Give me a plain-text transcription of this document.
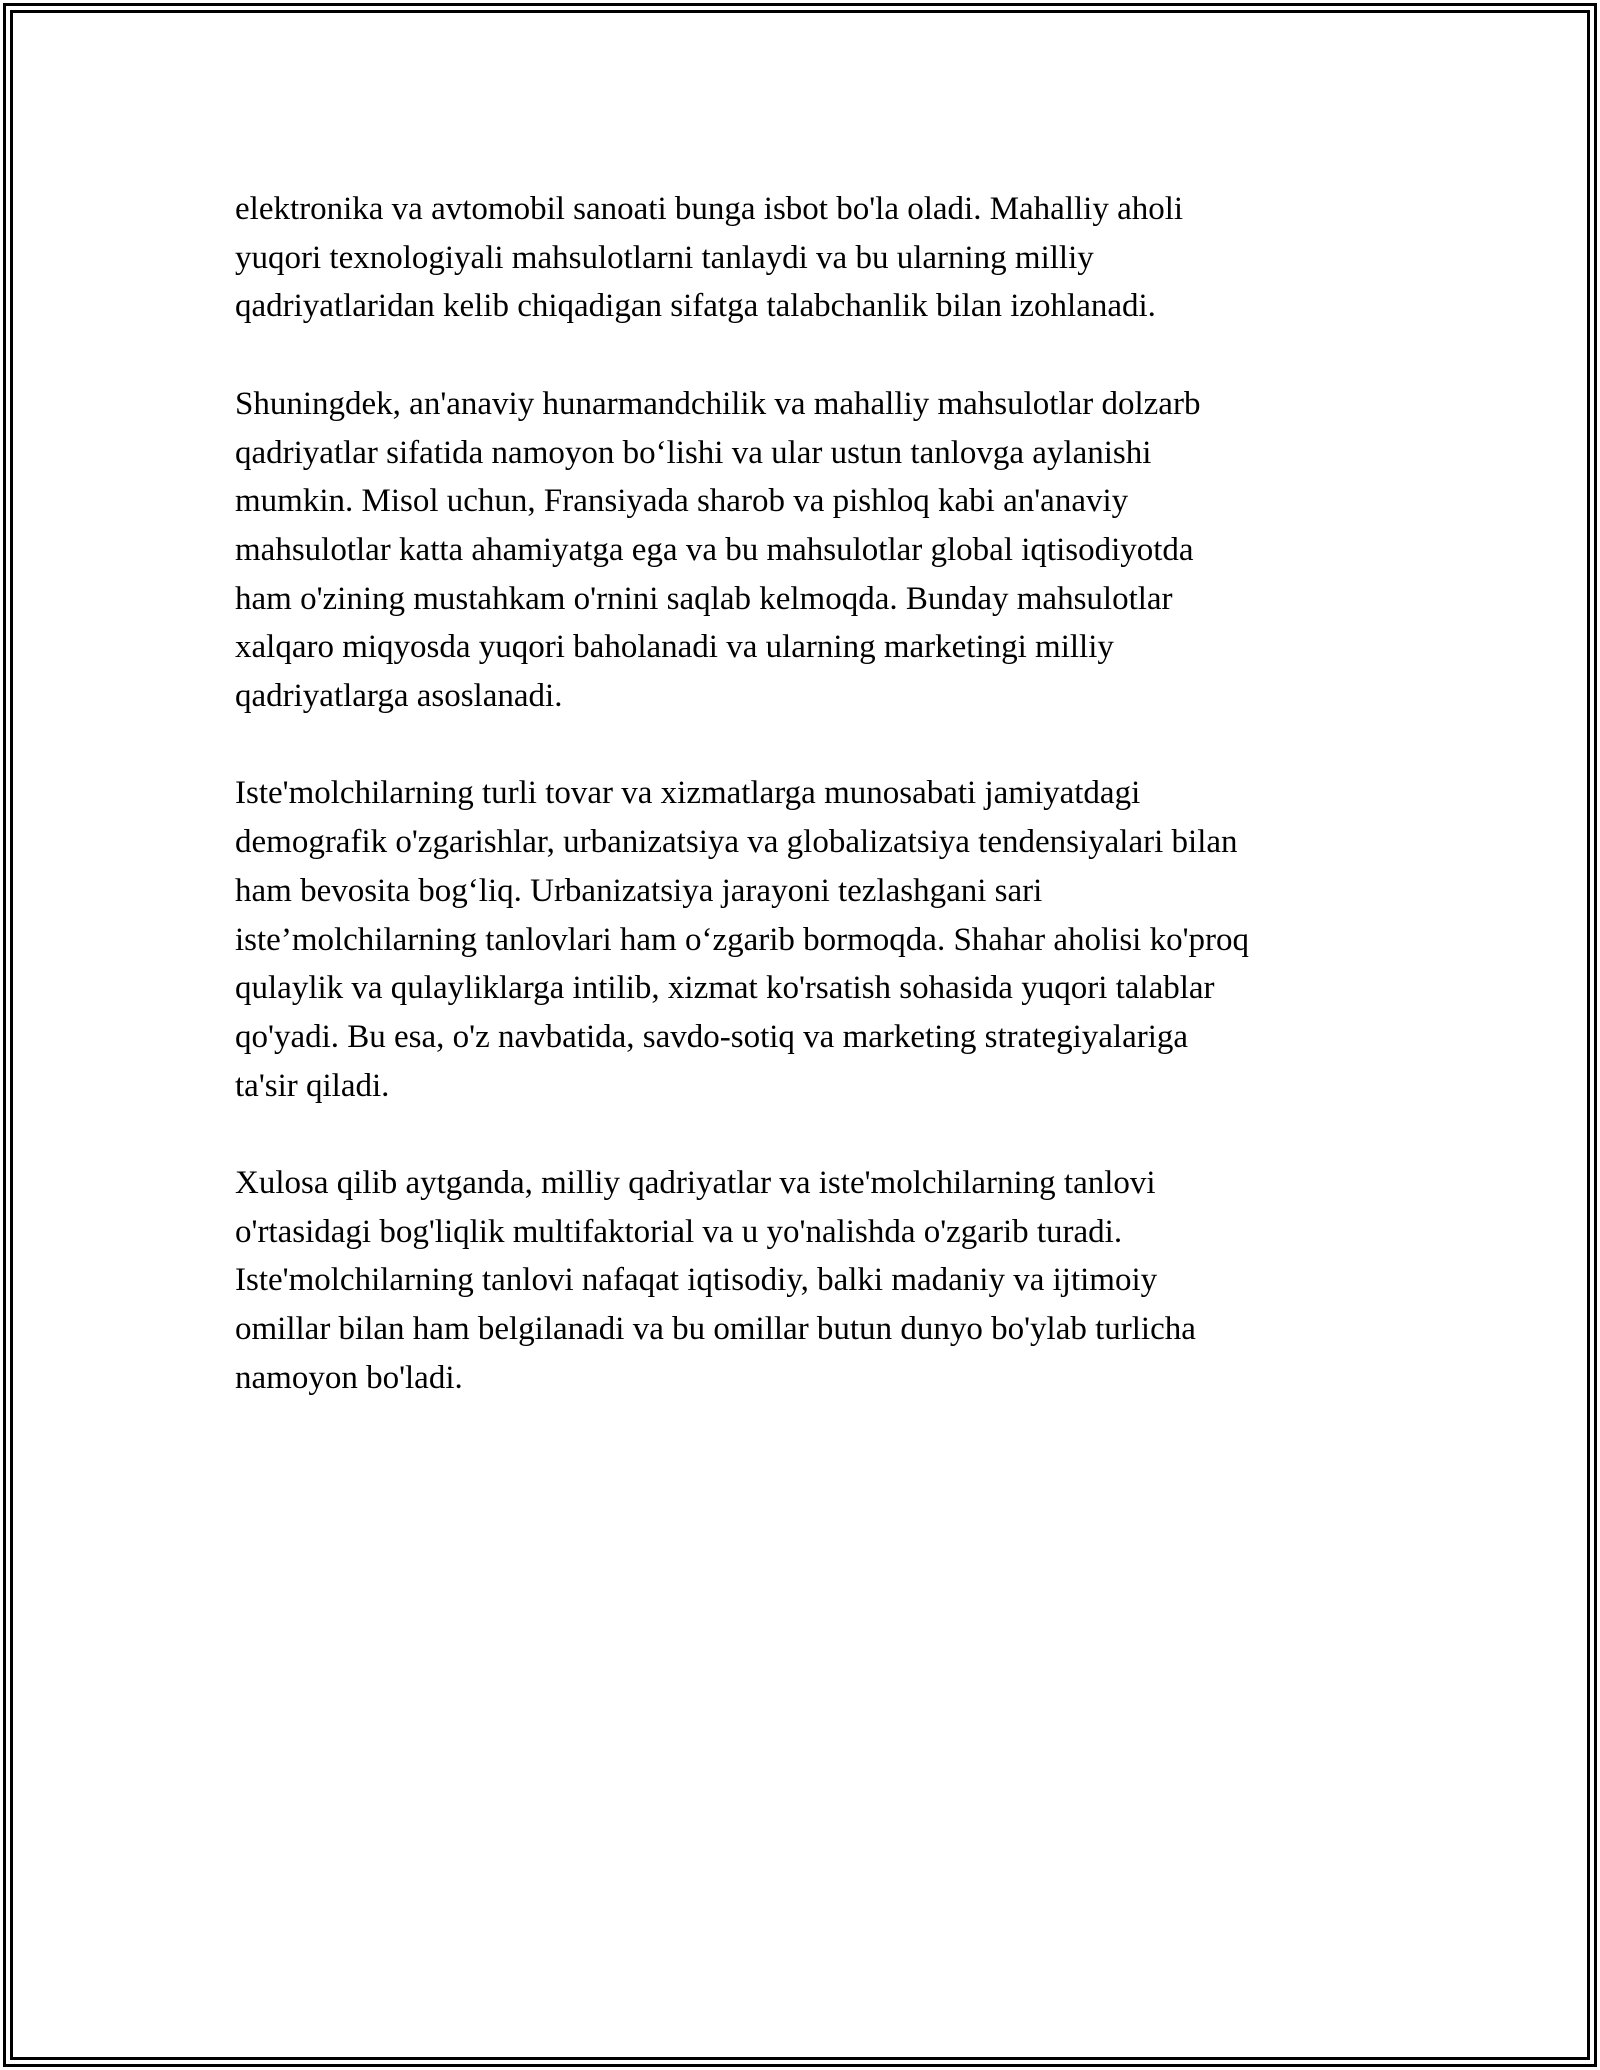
elektronika va avtomobil sanoati bunga isbot bo'la oladi. Mahalliy aholi
yuqori texnologiyali mahsulotlarni tanlaydi va bu ularning milliy
qadriyatlaridan kelib chiqadigan sifatga talabchanlik bilan izohlanadi.

Shuningdek, an'anaviy hunarmandchilik va mahalliy mahsulotlar dolzarb
qadriyatlar sifatida namoyon bo‘lishi va ular ustun tanlovga aylanishi
mumkin. Misol uchun, Fransiyada sharob va pishloq kabi an'anaviy
mahsulotlar katta ahamiyatga ega va bu mahsulotlar global iqtisodiyotda
ham o'zining mustahkam o'rnini saqlab kelmoqda. Bunday mahsulotlar
xalqaro miqyosda yuqori baholanadi va ularning marketingi milliy
qadriyatlarga asoslanadi.

Iste'molchilarning turli tovar va xizmatlarga munosabati jamiyatdagi
demografik o'zgarishlar, urbanizatsiya va globalizatsiya tendensiyalari bilan
ham bevosita bog‘liq. Urbanizatsiya jarayoni tezlashgani sari
iste’molchilarning tanlovlari ham o‘zgarib bormoqda. Shahar aholisi ko'proq
qulaylik va qulayliklarga intilib, xizmat ko'rsatish sohasida yuqori talablar
qo'yadi. Bu esa, o'z navbatida, savdo-sotiq va marketing strategiyalariga
ta'sir qiladi.

Xulosa qilib aytganda, milliy qadriyatlar va iste'molchilarning tanlovi
o'rtasidagi bog'liqlik multifaktorial va u yo'nalishda o'zgarib turadi.
Iste'molchilarning tanlovi nafaqat iqtisodiy, balki madaniy va ijtimoiy
omillar bilan ham belgilanadi va bu omillar butun dunyo bo'ylab turlicha
namoyon bo'ladi.
